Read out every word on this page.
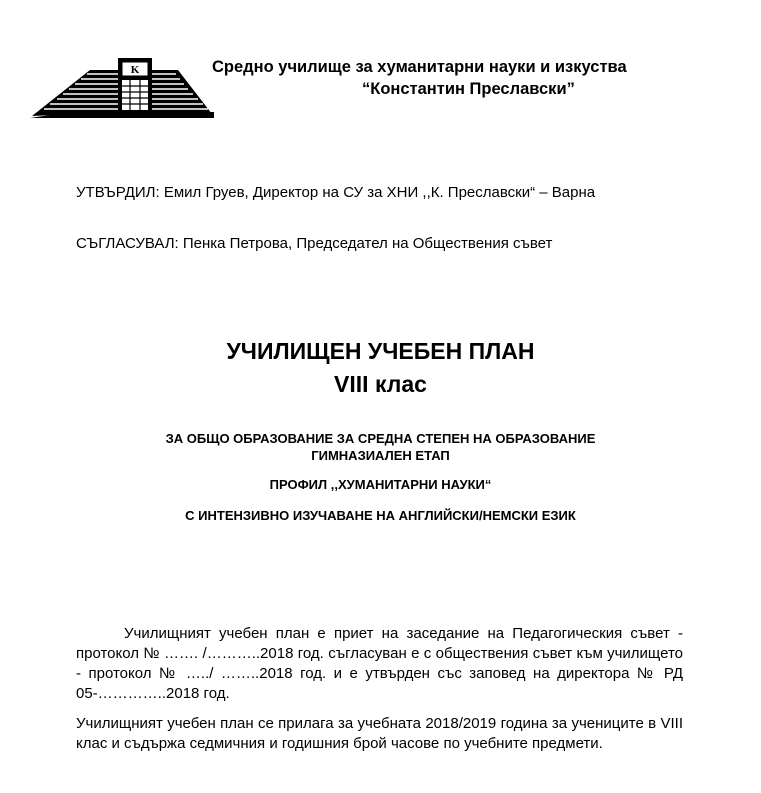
K	Средно училище за хуманитарни науки и изкуства
“Константин Преславски”
УТВЪРДИЛ: Емил Груев, Директор на СУ за ХНИ ,,К. Преславски“ – Варна
СЪГЛАСУВАЛ: Пенка Петрова, Председател на Обществения съвет
УЧИЛИЩЕН УЧЕБЕН ПЛАН
VIII клас
ЗА ОБЩО ОБРАЗОВАНИЕ ЗА СРЕДНА СТЕПЕН НА ОБРАЗОВАНИЕ
ГИМНАЗИАЛЕН ЕТАП
ПРОФИЛ ,,ХУМАНИТАРНИ НАУКИ“
С ИНТЕНЗИВНО ИЗУЧАВАНЕ НА АНГЛИЙСКИ/НЕМСКИ ЕЗИК
Училищният учебен план е приет на заседание на Педагогическия съвет - протокол № ……. /………..2018 год. съгласуван е с обществения съвет към училището - протокол № …../ ……..2018 год. и е утвърден със заповед на директора № РД 05-…………..2018 год.
Училищният учебен план се прилага за учебната 2018/2019 година за учениците в VIII клас и съдържа седмичния и годишния брой часове по учебните предмети.
